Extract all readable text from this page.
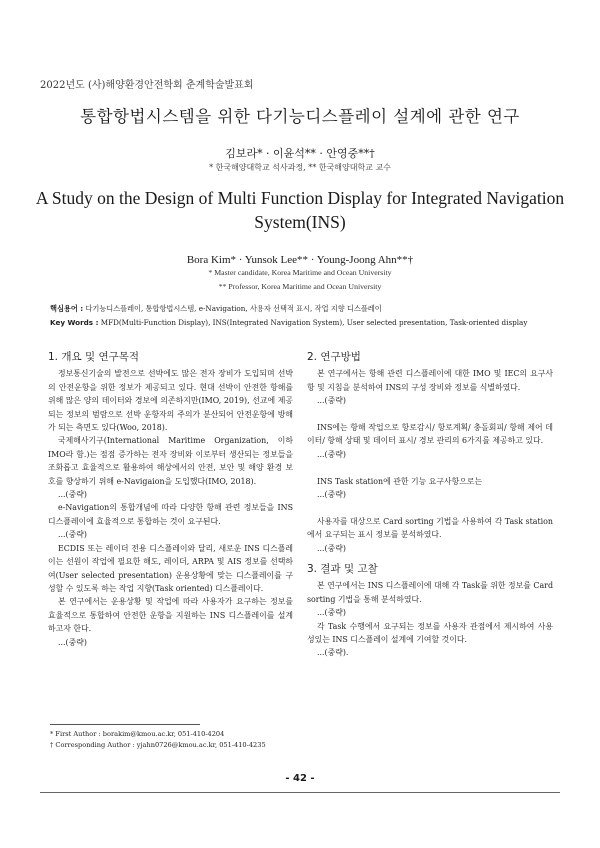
2022년도 (사)해양환경안전학회 춘계학술발표회
통합항법시스템을 위한 다기능디스플레이 설계에 관한 연구
김보라* · 이윤석** · 안영중**†
* 한국해양대학교 석사과정, ** 한국해양대학교 교수
A Study on the Design of Multi Function Display for Integrated Navigation
System(INS)
Bora Kim* · Yunsok Lee** · Young-Joong Ahn**†
* Master candidate, Korea Maritime and Ocean University
** Professor, Korea Maritime and Ocean University
핵심용어 : 다기능디스플레이, 통합항법시스템, e-Navigation, 사용자 선택적 표시, 작업 지향 디스플레이
Key Words : MFD(Multi-Function Display), INS(Integrated Navigation System), User selected presentation, Task-oriented display
1. 개요 및 연구목적

정보통신기술의 발전으로 선박에도 많은 전자 장비가 도입되며 선박의 안전운항을 위한 정보가 제공되고 있다. 현대 선박이 안전한 항해를 위해 많은 양의 데이터와 경보에 의존하지만(IMO, 2019), 선교에 제공되는 정보의 범람으로 선박 운항자의 주의가 분산되어 안전운항에 방해가 되는 측면도 있다(Woo, 2018).

국제해사기구(International Maritime Organization, 이하 IMO라 함.)는 점점 증가하는 전자 장비와 이로부터 생산되는 정보들을 조화롭고 효율적으로 활용하여 해상에서의 안전, 보안 및 해양 환경 보호를 향상하기 위해 e-Navigaion을 도입했다(IMO, 2018).

...(중략)

e-Navigation의 통합개념에 따라 다양한 항해 관련 정보들을 INS 디스플레이에 효율적으로 통합하는 것이 요구된다.

...(중략)

ECDIS 또는 레이더 전용 디스플레이와 달리, 새로운 INS 디스플레이는 선원이 작업에 필요한 해도, 레이더, ARPA 및 AIS 정보를 선택하여(User selected presentation) 운용상황에 맞는 디스플레이를 구성할 수 있도록 하는 작업 지향(Task oriented) 디스플레이다.

본 연구에서는 운용상황 및 작업에 따라 사용자가 요구하는 정보를 효율적으로 통합하여 안전한 운항을 지원하는 INS 디스플레이를 설계하고자 한다.

...(중략)

2. 연구방법

본 연구에서는 항해 관련 디스플레이에 대한 IMO 및 IEC의 요구사항 및 지침을 분석하여 INS의 구성 장비와 정보를 식별하였다.

...(중략)

INS에는 항해 작업으로 항로감시/ 항로계획/ 충돌회피/ 항해 제어 데이터/ 항해 상태 및 데이터 표시/ 경보 관리의 6가지를 제공하고 있다.

...(중략)

INS Task station에 관한 기능 요구사항으로는

...(중략)

사용자를 대상으로 Card sorting 기법을 사용하여 각 Task station에서 요구되는 표시 정보를 분석하였다.

...(중략)

3. 결과 및 고찰

본 연구에서는 INS 디스플레이에 대해 각 Task를 위한 정보를 Card sorting 기법을 통해 분석하였다.

...(중략)

각 Task 수행에서 요구되는 정보를 사용자 관점에서 제시하여 사용성있는 INS 디스플레이 설계에 기여할 것이다.

...(중략).

* First Author : borakim@kmou.ac.kr, 051-410-4204
† Corresponding Author : yjahn0726@kmou.ac.kr, 051-410-4235
- 42 -
